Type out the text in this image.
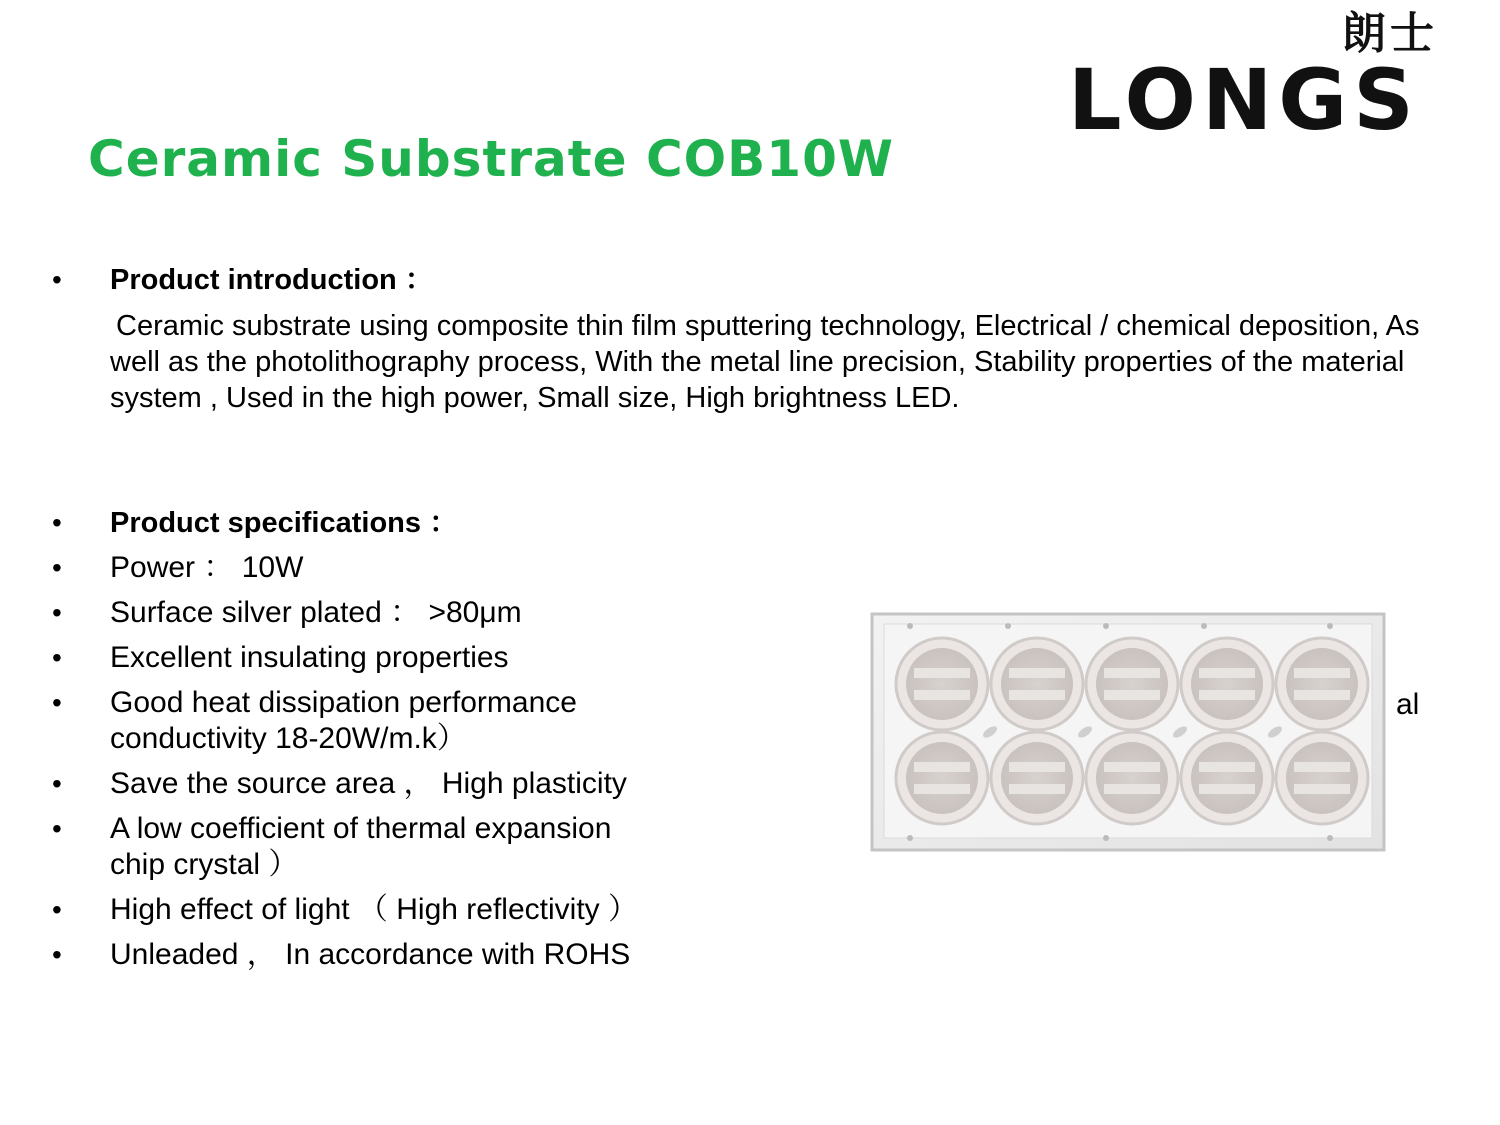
朗士
LONGS
Ceramic Substrate COB10W
• Product introduction ：
Ceramic substrate using composite thin film sputtering technology, Electrical / chemical deposition, As well as the photolithography process, With the metal line precision, Stability properties of the material system , Used in the high power, Small size, High brightness LED.
• Product specifications ：
• Power ： 10W
• Surface silver plated ： >80μm
• Excellent insulating properties
• Good heat dissipation performance
conductivity 18-20W/m.k）
al
• Save the source area ， High plasticity
• A low coefficient of thermal expansion
chip crystal ）
• High effect of light （ High reflectivity ）
• Unleaded ， In accordance with ROHS
